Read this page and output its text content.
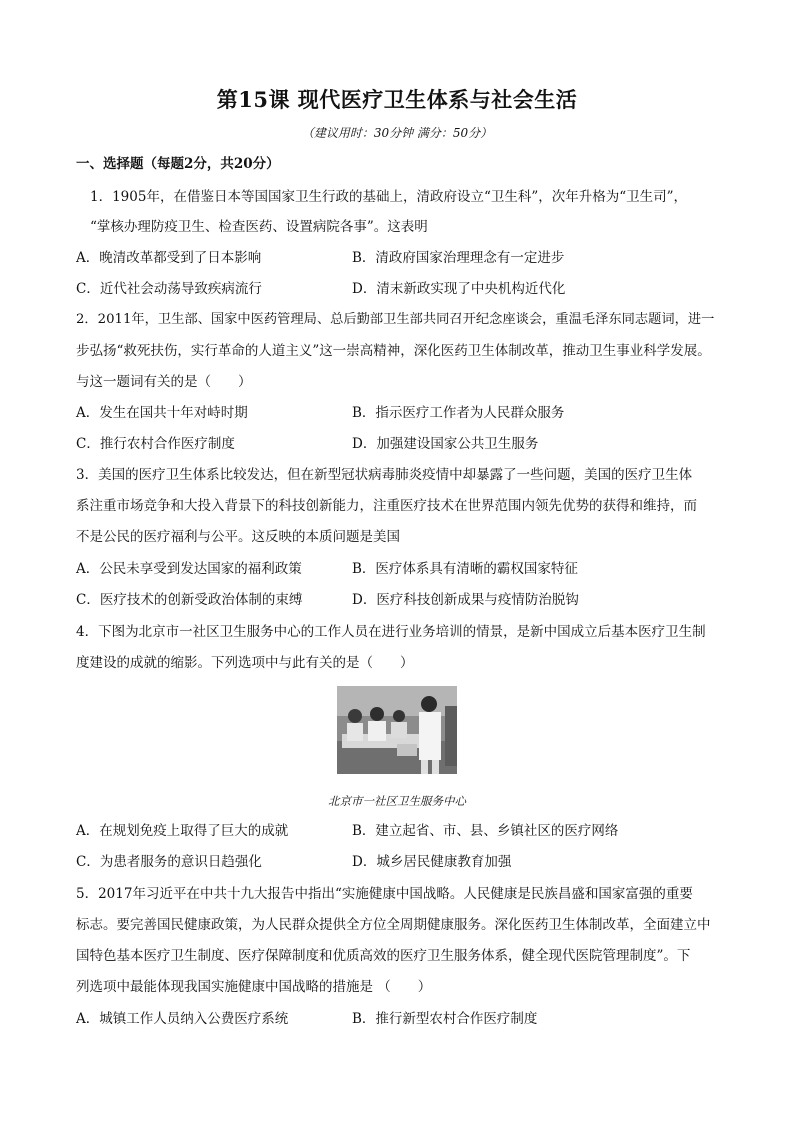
第15课 现代医疗卫生体系与社会生活
（建议用时：30分钟 满分：50分）
一、选择题（每题2分，共20分）
1．1905年，在借鉴日本等国国家卫生行政的基础上，清政府设立“卫生科”，次年升格为“卫生司”，
“掌核办理防疫卫生、检查医药、设置病院各事”。这表明
A．晚清改革都受到了日本影响	B．清政府国家治理理念有一定进步
C．近代社会动荡导致疾病流行	D．清末新政实现了中央机构近代化
2．2011年，卫生部、国家中医药管理局、总后勤部卫生部共同召开纪念座谈会，重温毛泽东同志题词，进一
步弘扬“救死扶伤，实行革命的人道主义”这一崇高精神，深化医药卫生体制改革，推动卫生事业科学发展。
与这一题词有关的是（　　）
A．发生在国共十年对峙时期	B．指示医疗工作者为人民群众服务
C．推行农村合作医疗制度	D．加强建设国家公共卫生服务
3．美国的医疗卫生体系比较发达，但在新型冠状病毒肺炎疫情中却暴露了一些问题，美国的医疗卫生体
系注重市场竞争和大投入背景下的科技创新能力，注重医疗技术在世界范围内领先优势的获得和维持，而
不是公民的医疗福利与公平。这反映的本质问题是美国
A．公民未享受到发达国家的福利政策	B．医疗体系具有清晰的霸权国家特征
C．医疗技术的创新受政治体制的束缚	D．医疗科技创新成果与疫情防治脱钩
4．下图为北京市一社区卫生服务中心的工作人员在进行业务培训的情景，是新中国成立后基本医疗卫生制
度建设的成就的缩影。下列选项中与此有关的是（　　）
北京市一社区卫生服务中心
A．在规划免疫上取得了巨大的成就	B．建立起省、市、县、乡镇社区的医疗网络
C．为患者服务的意识日趋强化	D．城乡居民健康教育加强
5．2017年习近平在中共十九大报告中指出“实施健康中国战略。人民健康是民族昌盛和国家富强的重要
标志。要完善国民健康政策，为人民群众提供全方位全周期健康服务。深化医药卫生体制改革，全面建立中
国特色基本医疗卫生制度、医疗保障制度和优质高效的医疗卫生服务体系，健全现代医院管理制度”。下
列选项中最能体现我国实施健康中国战略的措施是 （　　）
A．城镇工作人员纳入公费医疗系统	B．推行新型农村合作医疗制度
